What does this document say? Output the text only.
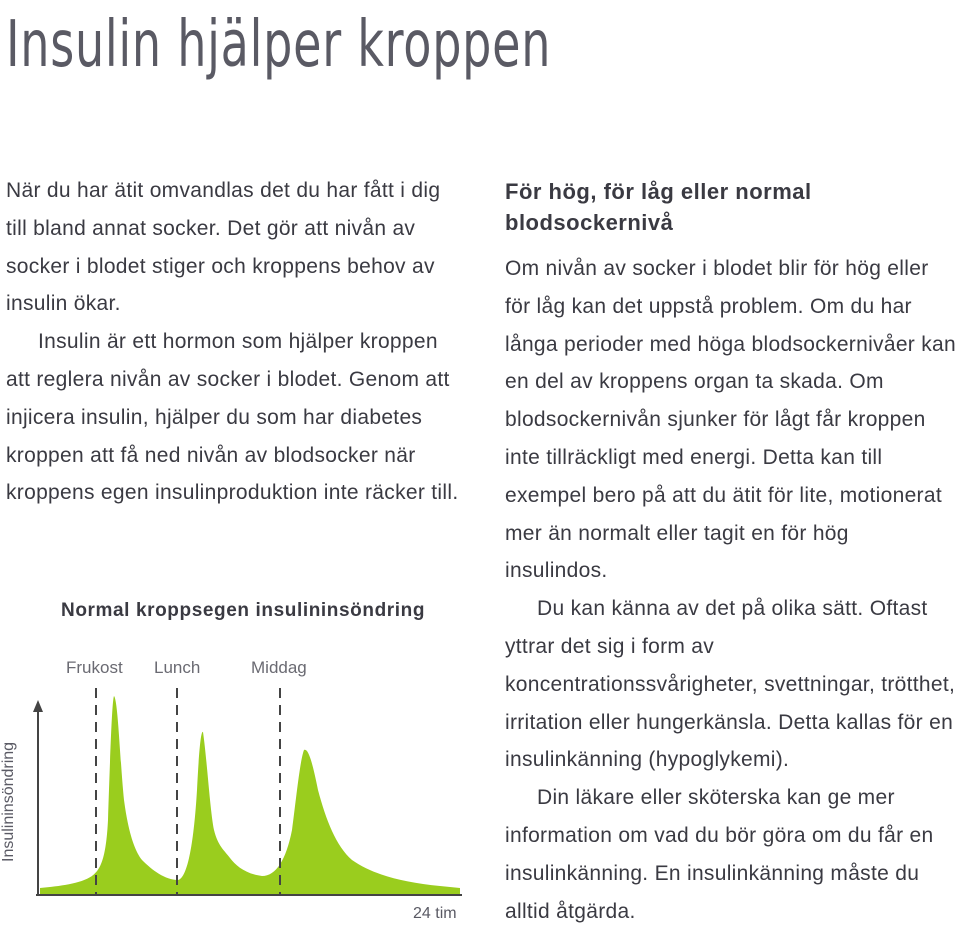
Insulin hjälper kroppen

När du har ätit omvandlas det du har fått i dig till bland annat socker. Det gör att nivån av socker i blodet stiger och kroppens behov av insulin ökar.

Insulin är ett hormon som hjälper kroppen att reglera nivån av socker i blodet. Genom att injicera insulin, hjälper du som har diabetes kroppen att få ned nivån av blodsocker när kroppens egen insulinproduktion inte räcker till.

För hög, för låg eller normal blodsockernivå

Om nivån av socker i blodet blir för hög eller för låg kan det uppstå problem. Om du har långa perioder med höga blodsockernivåer kan en del av kroppens organ ta skada. Om blodsockernivån sjunker för lågt får kroppen inte tillräckligt med energi. Detta kan till exempel bero på att du ätit för lite, motionerat mer än normalt eller tagit en för hög insulindos.

Du kan känna av det på olika sätt. Oftast yttrar det sig i form av koncentrationssvårigheter, svettningar, trötthet, irritation eller hungerkänsla. Detta kallas för en insulinkänning (hypoglykemi).

Din läkare eller sköterska kan ge mer information om vad du bör göra om du får en insulinkänning. En insulinkänning måste du alltid åtgärda.

Normal kroppsegen insulininsöndring
Frukost Lunch	Middag
Insulininsöndring
24 tim
